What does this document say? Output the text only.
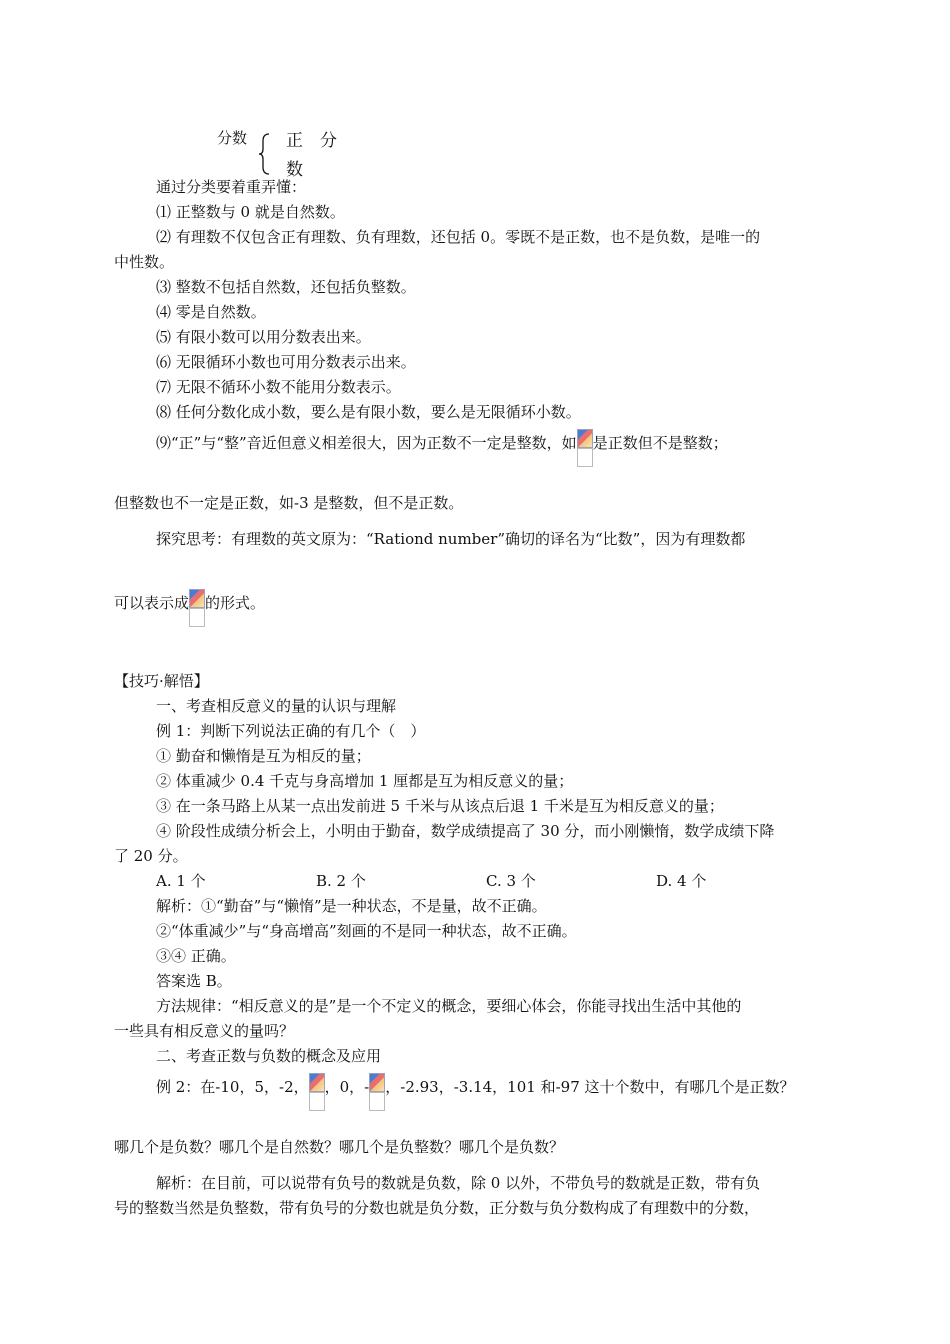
分数 正　分
数
通过分类要着重弄懂：
⑴ 正整数与 0 就是自然数。
⑵ 有理数不仅包含正有理数、负有理数，还包括 0。零既不是正数，也不是负数，是唯一的
中性数。
⑶ 整数不包括自然数，还包括负整数。
⑷ 零是自然数。
⑸ 有限小数可以用分数表出来。
⑹ 无限循环小数也可用分数表示出来。
⑺ 无限不循环小数不能用分数表示。
⑻ 任何分数化成小数，要么是有限小数，要么是无限循环小数。
⑼“正”与“整”音近但意义相差很大，因为正数不一定是整数，如 是正数但不是整数；
但整数也不一定是正数，如-3 是整数，但不是正数。
探究思考：有理数的英文原为：“Rationd number”确切的译名为“比数”，因为有理数都
可以表示成 的形式。
【技巧·解悟】
一、考查相反意义的量的认识与理解
例 1：判断下列说法正确的有几个（　）
① 勤奋和懒惰是互为相反的量；
② 体重减少 0.4 千克与身高增加 1 厘都是互为相反意义的量；
③ 在一条马路上从某一点出发前进 5 千米与从该点后退 1 千米是互为相反意义的量；
④ 阶段性成绩分析会上，小明由于勤奋，数学成绩提高了 30 分，而小刚懒惰，数学成绩下降
了 20 分。
A. 1 个	B. 2 个	C. 3 个	D. 4 个
解析：①“勤奋”与“懒惰”是一种状态，不是量，故不正确。
②“体重减少”与“身高增高”刻画的不是同一种状态，故不正确。
③④ 正确。
答案选 B。
方法规律：“相反意义的是”是一个不定义的概念，要细心体会，你能寻找出生活中其他的
一些具有相反意义的量吗？
二、考查正数与负数的概念及应用
例 2：在-10，5，-2， ，0，- ，-2.93，-3.14，101 和-97 这十个数中，有哪几个是正数？
哪几个是负数？哪几个是自然数？哪几个是负整数？哪几个是负数？
解析：在目前，可以说带有负号的数就是负数，除 0 以外，不带负号的数就是正数，带有负
号的整数当然是负整数，带有负号的分数也就是负分数，正分数与负分数构成了有理数中的分数，
